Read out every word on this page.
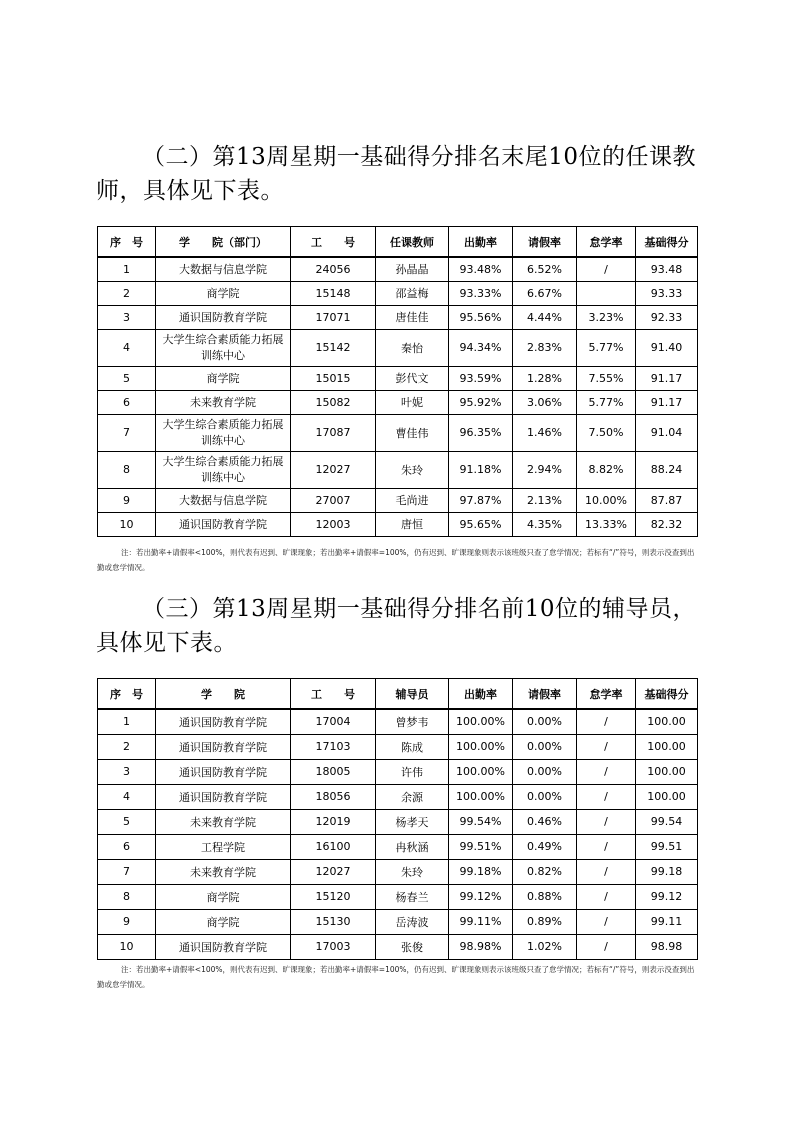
（二）第13周星期一基础得分排名末尾10位的任课教师，具体见下表。
序　号	学　　院（部门）	工　　号	任课教师	出勤率	请假率	怠学率	基础得分
1	大数据与信息学院	24056	孙晶晶	93.48%	6.52%	/	93.48
2	商学院	15148	邵益梅	93.33%	6.67%		93.33
3	通识国防教育学院	17071	唐佳佳	95.56%	4.44%	3.23%	92.33
4	大学生综合素质能力拓展训练中心	15142	秦怡	94.34%	2.83%	5.77%	91.40
5	商学院	15015	彭代文	93.59%	1.28%	7.55%	91.17
6	未来教育学院	15082	叶妮	95.92%	3.06%	5.77%	91.17
7	大学生综合素质能力拓展训练中心	17087	曹佳伟	96.35%	1.46%	7.50%	91.04
8	大学生综合素质能力拓展训练中心	12027	朱玲	91.18%	2.94%	8.82%	88.24
9	大数据与信息学院	27007	毛尚进	97.87%	2.13%	10.00%	87.87
10	通识国防教育学院	12003	唐恒	95.65%	4.35%	13.33%	82.32
注：若出勤率+请假率<100%，则代表有迟到、旷课现象；若出勤率+请假率=100%，仍有迟到、旷课现象则表示该班级只查了怠学情况；若标有“/”符号，则表示没查到出勤或怠学情况。
（三）第13周星期一基础得分排名前10位的辅导员，具体见下表。
序　号	学　　院	工　　号	辅导员	出勤率	请假率	怠学率	基础得分
1	通识国防教育学院	17004	曾梦韦	100.00%	0.00%	/	100.00
2	通识国防教育学院	17103	陈成	100.00%	0.00%	/	100.00
3	通识国防教育学院	18005	许伟	100.00%	0.00%	/	100.00
4	通识国防教育学院	18056	余源	100.00%	0.00%	/	100.00
5	未来教育学院	12019	杨孝天	99.54%	0.46%	/	99.54
6	工程学院	16100	冉秋涵	99.51%	0.49%	/	99.51
7	未来教育学院	12027	朱玲	99.18%	0.82%	/	99.18
8	商学院	15120	杨春兰	99.12%	0.88%	/	99.12
9	商学院	15130	岳涛波	99.11%	0.89%	/	99.11
10	通识国防教育学院	17003	张俊	98.98%	1.02%	/	98.98
注：若出勤率+请假率<100%，则代表有迟到、旷课现象；若出勤率+请假率=100%，仍有迟到、旷课现象则表示该班级只查了怠学情况；若标有“/”符号，则表示没查到出勤或怠学情况。
